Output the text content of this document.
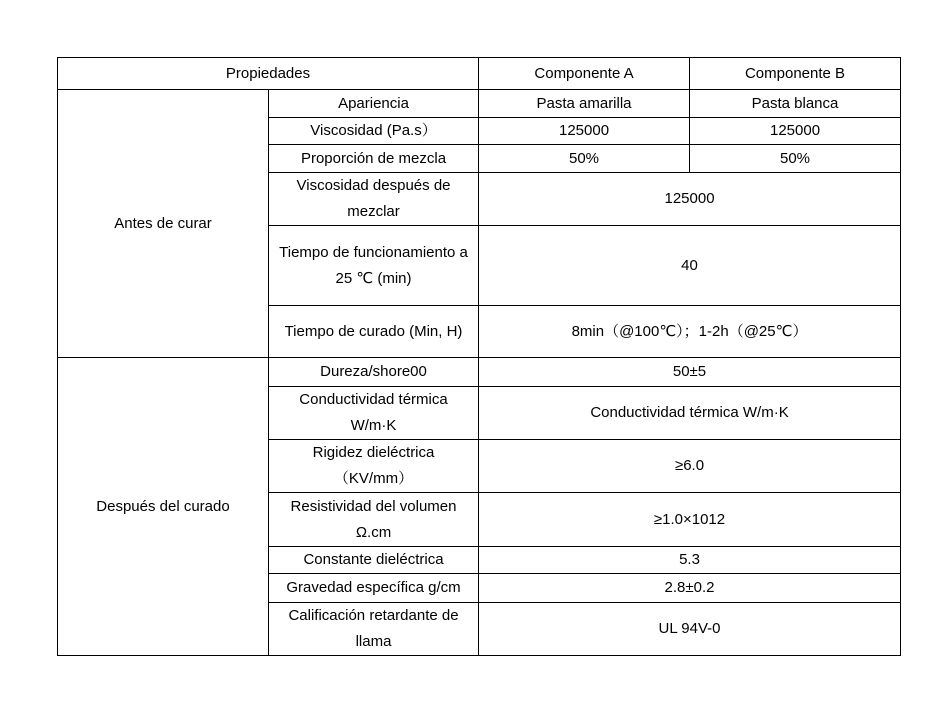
Propiedades		Componente A	Componente B
Antes de curar	Apariencia	Pasta amarilla	Pasta blanca
	Viscosidad (Pa.s）	125000	125000
	Proporción de mezcla	50%	50%
	Viscosidad después de mezclar	125000	
	Tiempo de funcionamiento a 25 ℃ (min)	40	
	Tiempo de curado (Min, H)	8min（@100℃）；1-2h（@25℃）	
Después del curado	Dureza/shore00	50±5	
	Conductividad térmica W/m·K	Conductividad térmica W/m·K	
	Rigidez dieléctrica （KV/mm）	≥6.0	
	Resistividad del volumen Ω.cm	≥1.0×1012	
	Constante dieléctrica	5.3	
	Gravedad específica g/cm	2.8±0.2	
	Calificación retardante de llama	UL 94V-0	
